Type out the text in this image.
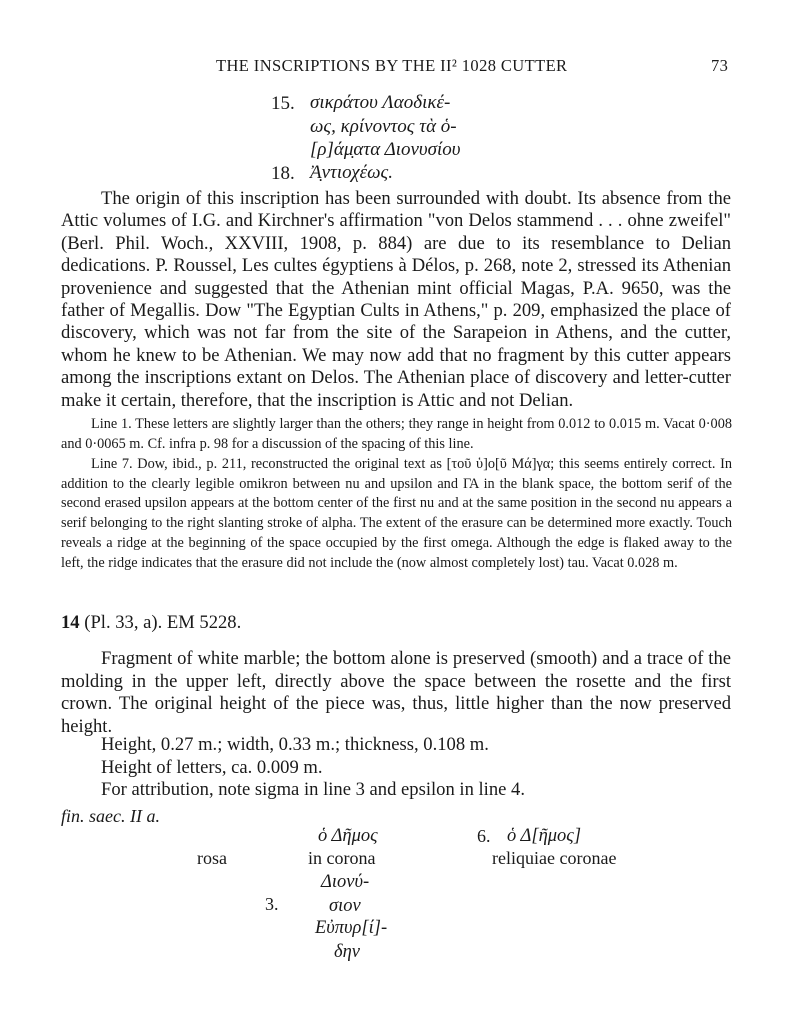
THE INSCRIPTIONS BY THE II² 1028 CUTTER	73
15. σικράτου Λαοδικέ-
ως, κρίνοντος τὰ ὁ-
[ρ]άμ̣ατα Διονυσίου
18. Ἀ̣ντιοχέως.

The origin of this inscription has been surrounded with doubt. Its absence from the Attic volumes of I.G. and Kirchner's affirmation "von Delos stammend . . . ohne zweifel" (Berl. Phil. Woch., XXVIII, 1908, p. 884) are due to its resemblance to Delian dedications. P. Roussel, Les cultes égyptiens à Délos, p. 268, note 2, stressed its Athenian provenience and suggested that the Athenian mint official Magas, P.A. 9650, was the father of Megallis. Dow "The Egyptian Cults in Athens," p. 209, emphasized the place of discovery, which was not far from the site of the Sarapeion in Athens, and the cutter, whom he knew to be Athenian. We may now add that no fragment by this cutter appears among the inscriptions extant on Delos. The Athenian place of discovery and letter-cutter make it certain, therefore, that the inscription is Attic and not Delian.

Line 1. These letters are slightly larger than the others; they range in height from 0.012 to 0.015 m. Vacat 0·008 and 0·0065 m. Cf. infra p. 98 for a discussion of the spacing of this line.

Line 7. Dow, ibid., p. 211, reconstructed the original text as [τοῦ ὑ]ο[ῦ Μά]γα; this seems entirely correct. In addition to the clearly legible omikron between nu and upsilon and ΓΑ in the blank space, the bottom serif of the second erased upsilon appears at the bottom center of the first nu and at the same position in the second nu appears a serif belonging to the right slanting stroke of alpha. The extent of the erasure can be determined more exactly. Touch reveals a ridge at the beginning of the space occupied by the first omega. Although the edge is flaked away to the left, the ridge indicates that the erasure did not include the (now almost completely lost) tau. Vacat 0.028 m.

14 (Pl. 33, a). EM 5228.

Fragment of white marble; the bottom alone is preserved (smooth) and a trace of the molding in the upper left, directly above the space between the rosette and the first crown. The original height of the piece was, thus, little higher than the now preserved height.

Height, 0.27 m.; width, 0.33 m.; thickness, 0.108 m.
Height of letters, ca. 0.009 m.
For attribution, note sigma in line 3 and epsilon in line 4.
fin. saec. II a.
rosa
ὁ Δῆμος
in corona
Διονύ-
3.	σιον
Εὐπυρ[ί]-
δην
6. ὁ Δ[ῆμος]
reliquiae coronae
